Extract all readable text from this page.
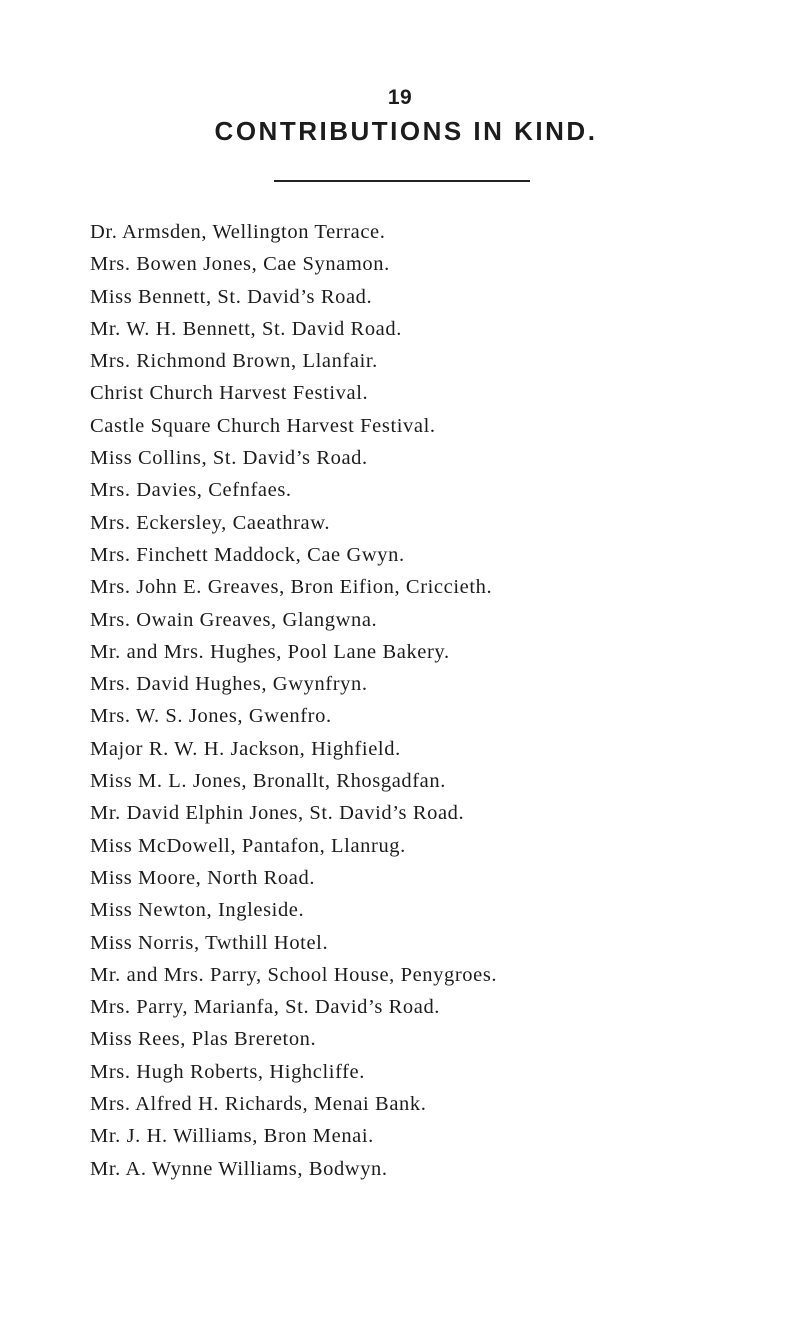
19
CONTRIBUTIONS IN KIND.
Dr. Armsden, Wellington Terrace.
Mrs. Bowen Jones, Cae Synamon.
Miss Bennett, St. David’s Road.
Mr. W. H. Bennett, St. David Road.
Mrs. Richmond Brown, Llanfair.
Christ Church Harvest Festival.
Castle Square Church Harvest Festival.
Miss Collins, St. David’s Road.
Mrs. Davies, Cefnfaes.
Mrs. Eckersley, Caeathraw.
Mrs. Finchett Maddock, Cae Gwyn.
Mrs. John E. Greaves, Bron Eifion, Criccieth.
Mrs. Owain Greaves, Glangwna.
Mr. and Mrs. Hughes, Pool Lane Bakery.
Mrs. David Hughes, Gwynfryn.
Mrs. W. S. Jones, Gwenfro.
Major R. W. H. Jackson, Highfield.
Miss M. L. Jones, Bronallt, Rhosgadfan.
Mr. David Elphin Jones, St. David’s Road.
Miss McDowell, Pantafon, Llanrug.
Miss Moore, North Road.
Miss Newton, Ingleside.
Miss Norris, Twthill Hotel.
Mr. and Mrs. Parry, School House, Penygroes.
Mrs. Parry, Marianfa, St. David’s Road.
Miss Rees, Plas Brereton.
Mrs. Hugh Roberts, Highcliffe.
Mrs. Alfred H. Richards, Menai Bank.
Mr. J. H. Williams, Bron Menai.
Mr. A. Wynne Williams, Bodwyn.
